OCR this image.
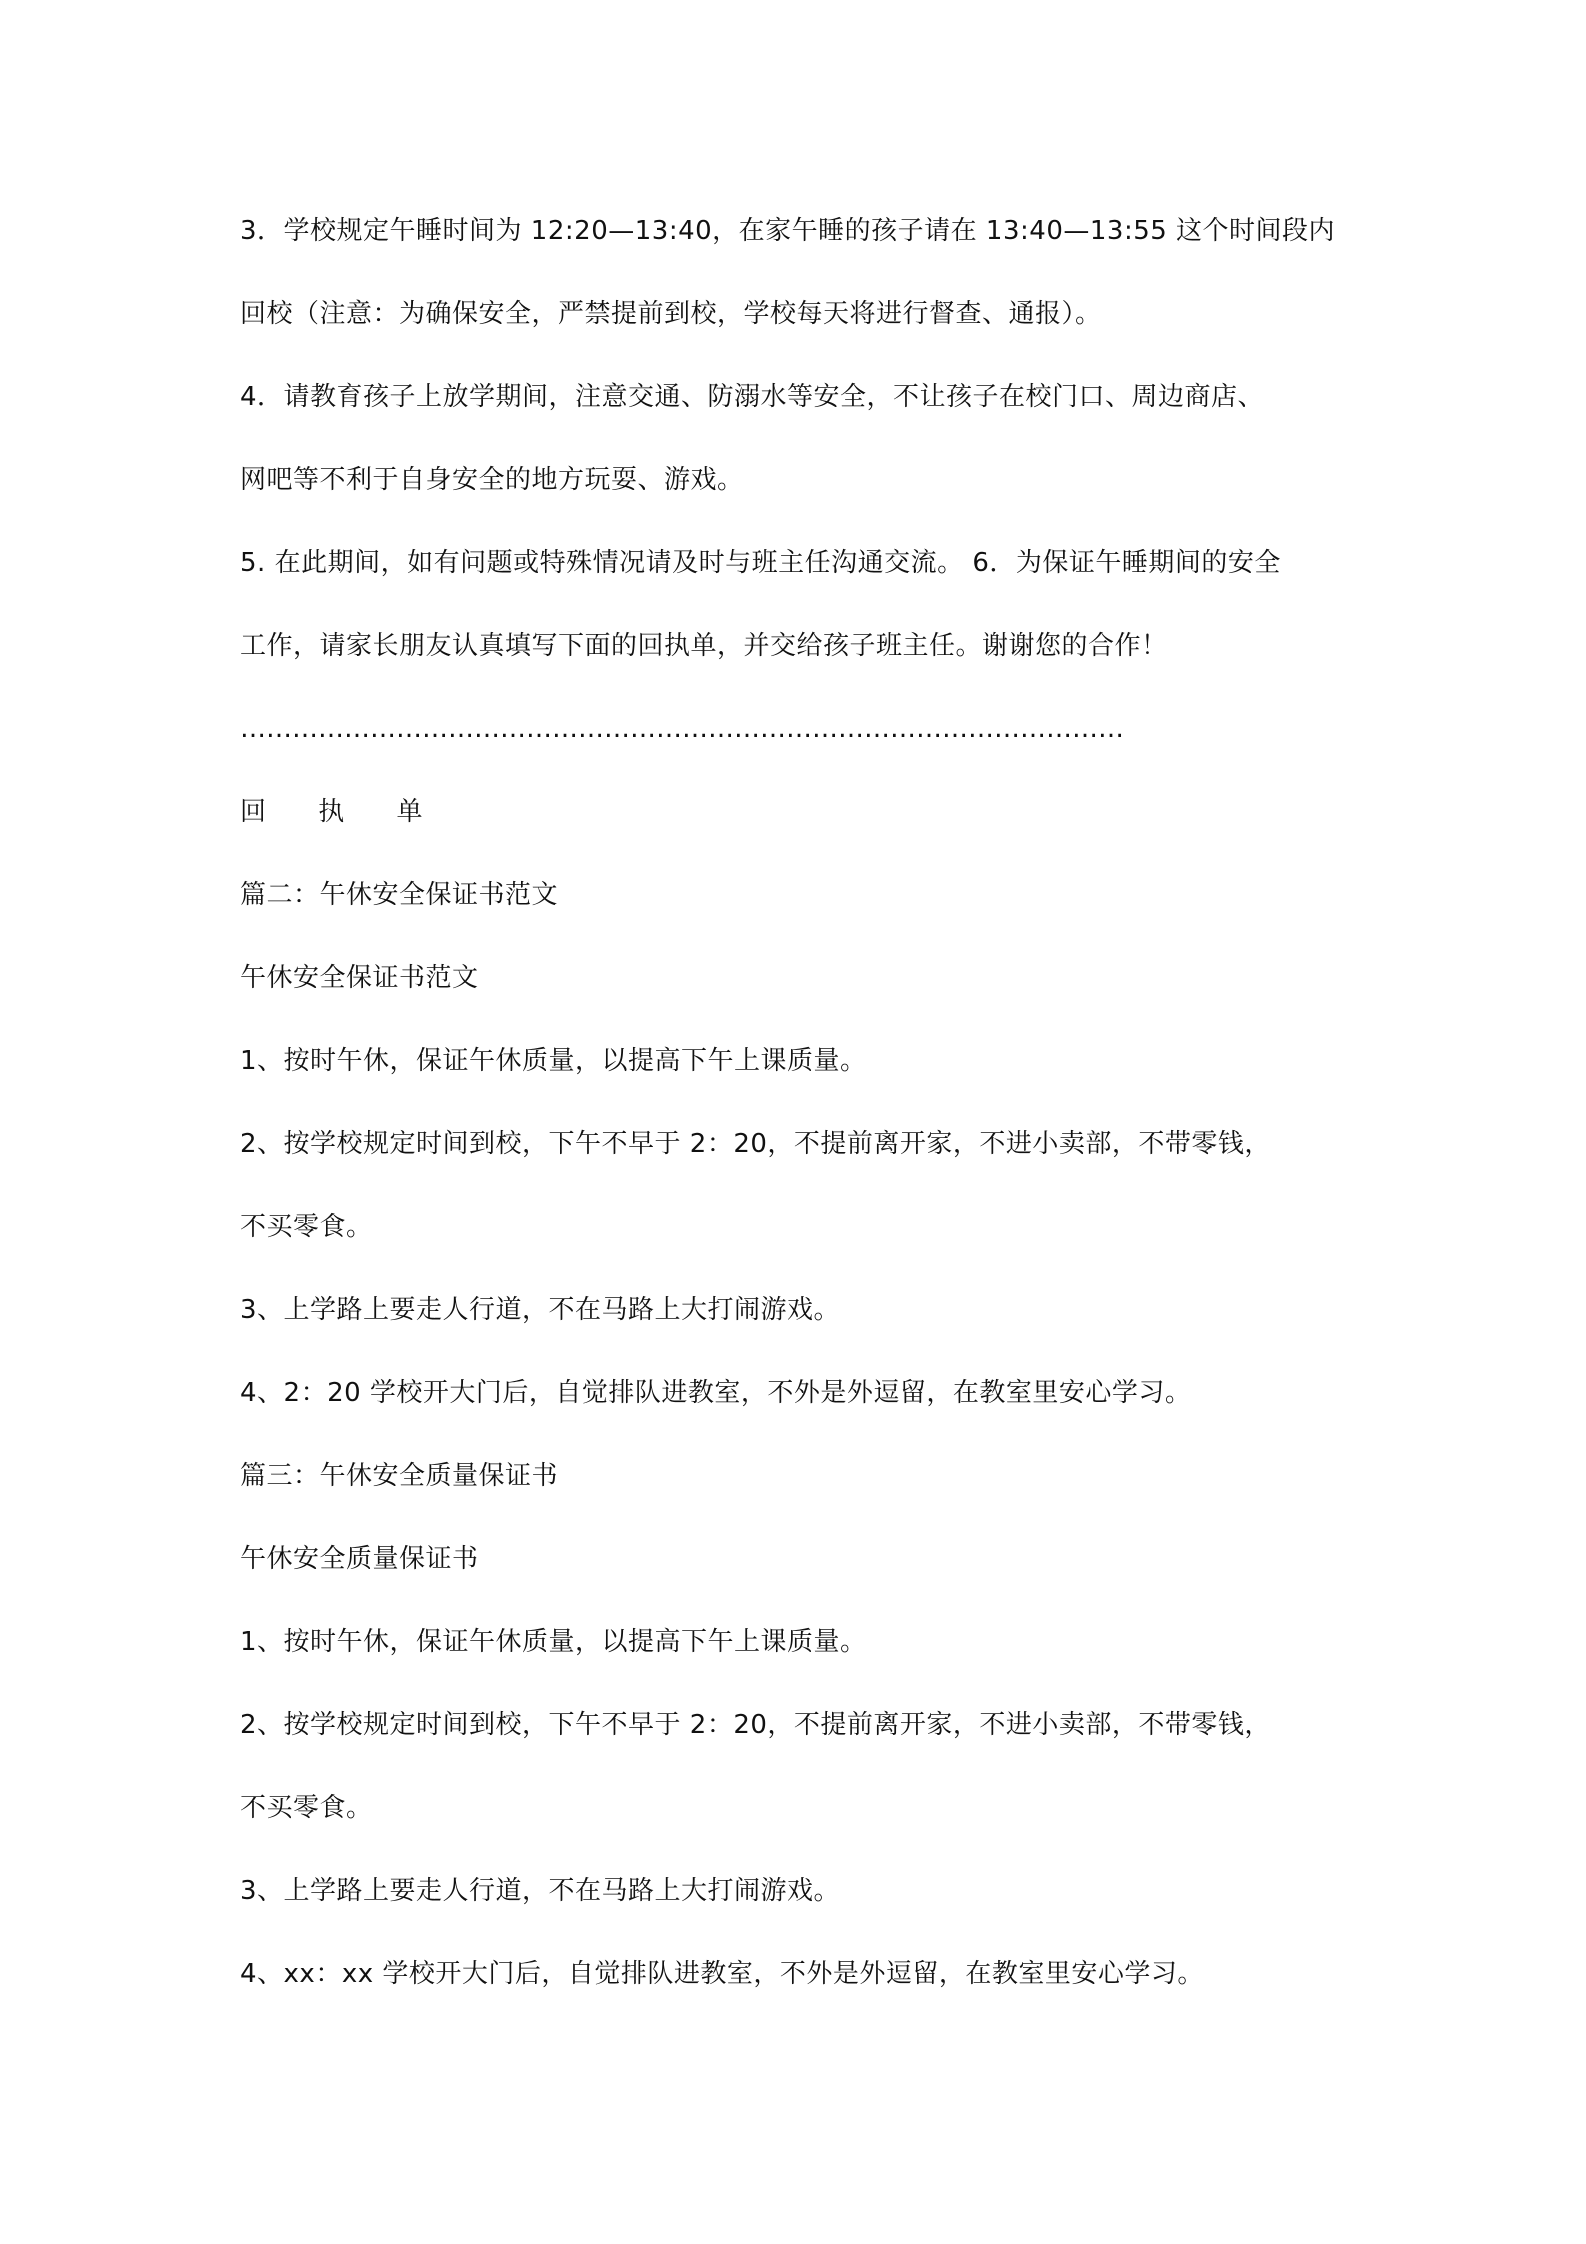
3．学校规定午睡时间为 12:20—13:40，在家午睡的孩子请在 13:40—13:55 这个时间段内
回校（注意：为确保安全，严禁提前到校，学校每天将进行督查、通报）。
4．请教育孩子上放学期间，注意交通、防溺水等安全，不让孩子在校门口、周边商店、
网吧等不利于自身安全的地方玩耍、游戏。
5. 在此期间，如有问题或特殊情况请及时与班主任沟通交流。 6．为保证午睡期间的安全
工作，请家长朋友认真填写下面的回执单，并交给孩子班主任。谢谢您的合作！
…………………………………………………………………………………………
回 执 单
篇二：午休安全保证书范文
午休安全保证书范文
1、按时午休，保证午休质量，以提高下午上课质量。
2、按学校规定时间到校，下午不早于 2：20，不提前离开家，不进小卖部，不带零钱，
不买零食。
3、上学路上要走人行道，不在马路上大打闹游戏。
4、2：20 学校开大门后，自觉排队进教室，不外是外逗留，在教室里安心学习。
篇三：午休安全质量保证书
午休安全质量保证书
1、按时午休，保证午休质量，以提高下午上课质量。
2、按学校规定时间到校，下午不早于 2：20，不提前离开家，不进小卖部，不带零钱，
不买零食。
3、上学路上要走人行道，不在马路上大打闹游戏。
4、xx：xx 学校开大门后，自觉排队进教室，不外是外逗留，在教室里安心学习。
